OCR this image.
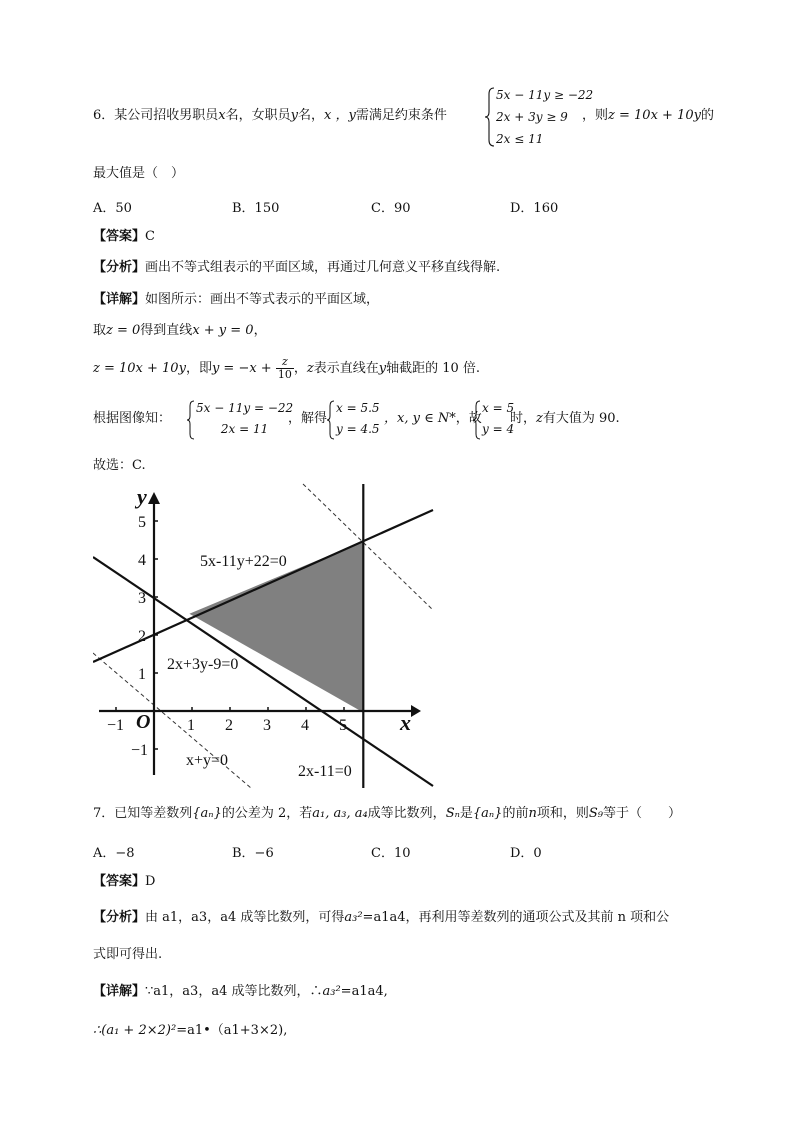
6．某公司招收男职员x名，女职员y名，x ，y需满足约束条件
5x − 11y ≥ −22
2x + 3y ≥ 9
2x ≤ 11
，则z = 10x + 10y的
最大值是（　）
A．50	B．150	C．90	D．160
【答案】C
【分析】画出不等式组表示的平面区域，再通过几何意义平移直线得解.
【详解】如图所示：画出不等式表示的平面区域，
取z = 0得到直线x + y = 0，
z = 10x + 10y，即$y = -x + \frac{z}{10}$ ，z表示直线在y轴截距的 10 倍.
根据图像知：
5x − 11y = −22
2x = 11
，解得
x = 5.5
y = 4.5
，x, y ∈ N*，故
x = 5
y = 4
时，z有大值为 90.
故选：C.
−1	1 2 3 4 5
5
4
3
2
1
−1
O
y
x
5x-11y+22=0
2x+3y-9=0
x+y=0
2x-11=0
7．已知等差数列{aₙ}的公差为 2，若a₁, a₃, a₄成等比数列，Sₙ是{aₙ}的前n项和，则S₉等于（　　）
A．−8	B．−6	C．10	D．0
【答案】D
【分析】由 a1，a3，a4 成等比数列，可得a₃²=a1a4，再利用等差数列的通项公式及其前 n 项和公
式即可得出.
【详解】∵a1，a3，a4 成等比数列，∴a₃²=a1a4,
∴(a₁ + 2×2)²=a1•（a1+3×2),
